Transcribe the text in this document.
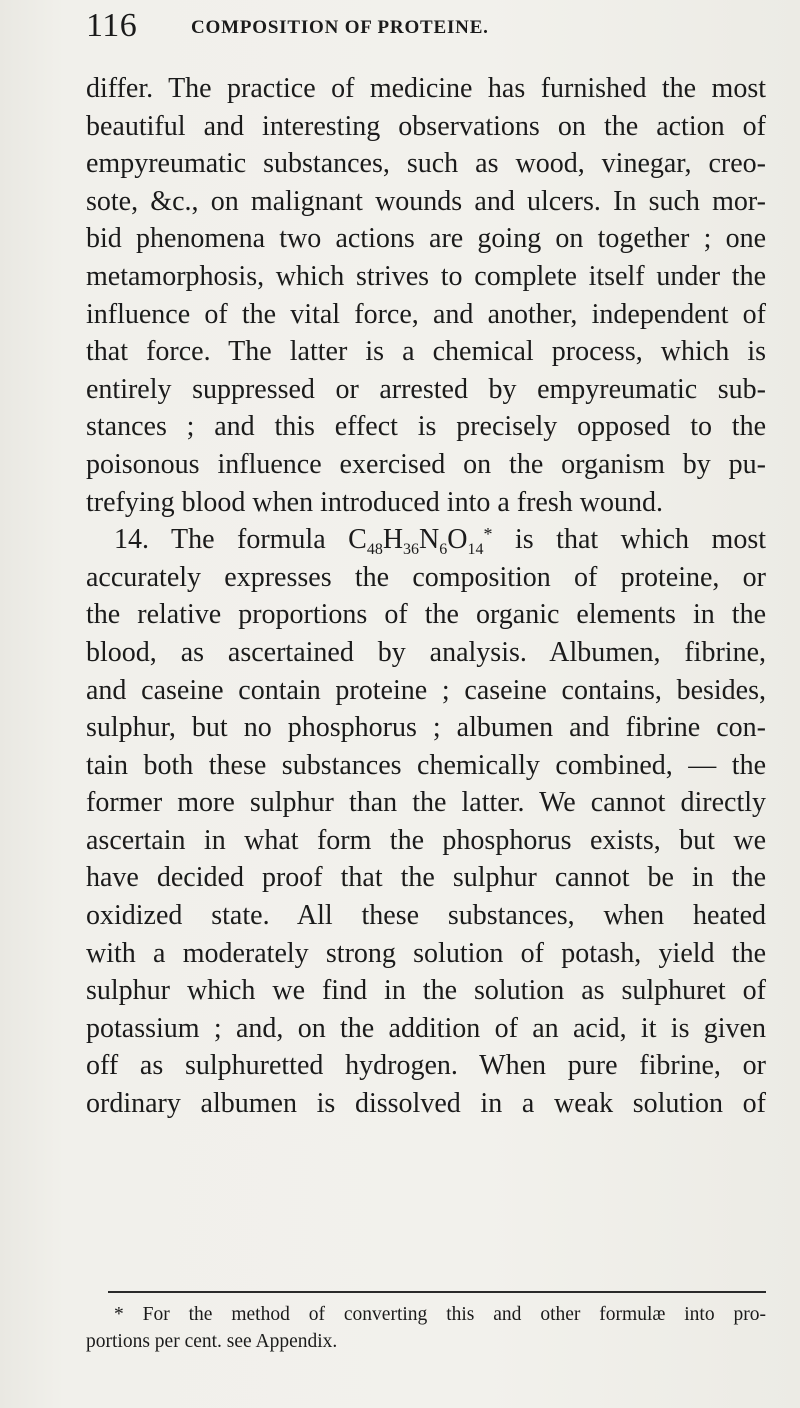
116	COMPOSITION OF PROTEINE.
differ. The practice of medicine has furnished the most
beautiful and interesting observations on the action of
empyreumatic substances, such as wood, vinegar, creo-
sote, &c., on malignant wounds and ulcers. In such mor-
bid phenomena two actions are going on together ; one
metamorphosis, which strives to complete itself under the
influence of the vital force, and another, independent of
that force. The latter is a chemical process, which is
entirely suppressed or arrested by empyreumatic sub-
stances ; and this effect is precisely opposed to the
poisonous influence exercised on the organism by pu-
trefying blood when introduced into a fresh wound.
14. The formula $C_{48}H_{36}N_6O_{14}^*$ is that which most
accurately expresses the composition of proteine, or
the relative proportions of the organic elements in the
blood, as ascertained by analysis. Albumen, fibrine,
and caseine contain proteine ; caseine contains, besides,
sulphur, but no phosphorus ; albumen and fibrine con-
tain both these substances chemically combined, — the
former more sulphur than the latter. We cannot directly
ascertain in what form the phosphorus exists, but we
have decided proof that the sulphur cannot be in the
oxidized state. All these substances, when heated
with a moderately strong solution of potash, yield the
sulphur which we find in the solution as sulphuret of
potassium ; and, on the addition of an acid, it is given
off as sulphuretted hydrogen. When pure fibrine, or
ordinary albumen is dissolved in a weak solution of
* For the method of converting this and other formulæ into pro-
portions per cent. see Appendix.
